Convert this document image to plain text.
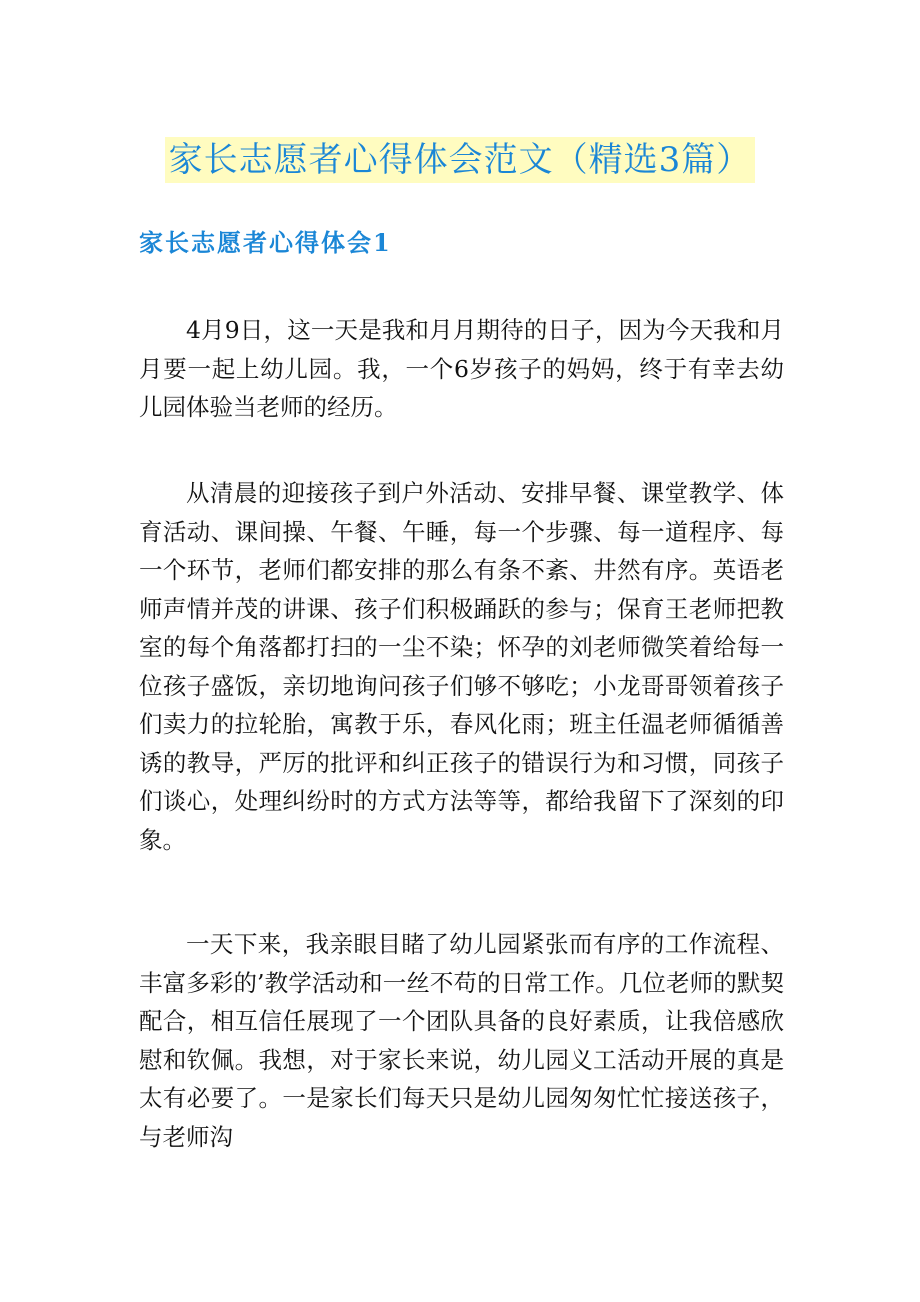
家长志愿者心得体会范文（精选3篇）
家长志愿者心得体会1

4月9日，这一天是我和月月期待的日子，因为今天我和月月要一起上幼儿园。我，一个6岁孩子的妈妈，终于有幸去幼儿园体验当老师的经历。

从清晨的迎接孩子到户外活动、安排早餐、课堂教学、体育活动、课间操、午餐、午睡，每一个步骤、每一道程序、每一个环节，老师们都安排的那么有条不紊、井然有序。英语老师声情并茂的讲课、孩子们积极踊跃的参与；保育王老师把教室的每个角落都打扫的一尘不染；怀孕的刘老师微笑着给每一位孩子盛饭，亲切地询问孩子们够不够吃；小龙哥哥领着孩子们卖力的拉轮胎，寓教于乐，春风化雨；班主任温老师循循善诱的教导，严厉的批评和纠正孩子的错误行为和习惯，同孩子们谈心，处理纠纷时的方式方法等等，都给我留下了深刻的印象。

一天下来，我亲眼目睹了幼儿园紧张而有序的工作流程、丰富多彩的’教学活动和一丝不苟的日常工作。几位老师的默契配合，相互信任展现了一个团队具备的良好素质，让我倍感欣慰和钦佩。我想，对于家长来说，幼儿园义工活动开展的真是太有必要了。一是家长们每天只是幼儿园匆匆忙忙接送孩子，与老师沟
